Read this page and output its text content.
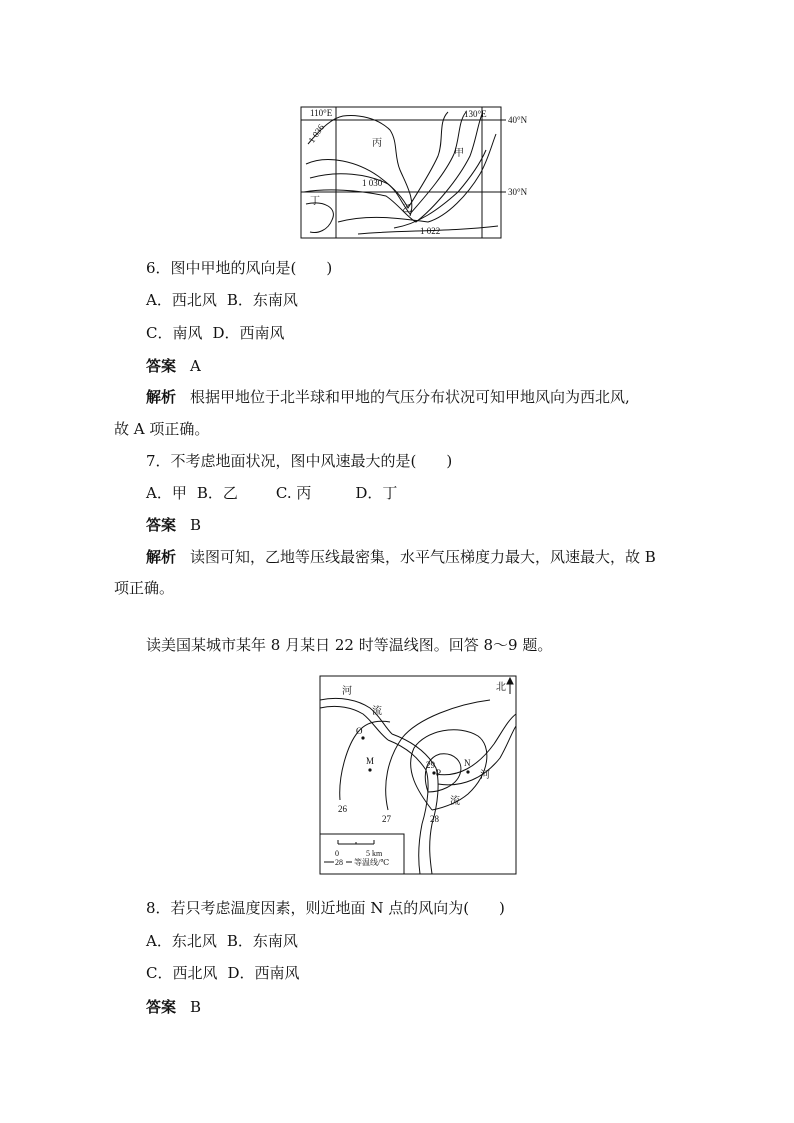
110°E	130°E
40°N
30°N
1 036
1 030
1 022
丙
甲
乙
丁
6．图中甲地的风向是(　　)
A．西北风 B．东南风
C．南风 D．西南风
答案 A
解析 根据甲地位于北半球和甲地的气压分布状况可知甲地风向为西北风,
故 A 项正确。
7．不考虑地面状况，图中风速最大的是(　　)
A．甲 B．乙	C. 丙	D．丁
答案 B
解析 读图可知，乙地等压线最密集，水平气压梯度力最大，风速最大，故 B
项正确。
读美国某城市某年 8 月某日 22 时等温线图。回答 8～9 题。
北
河
流
河
流
O
M
P
N
26
27	28
29
0	5 km
28 等温线/℃
8．若只考虑温度因素，则近地面 N 点的风向为(　　)
A．东北风 B．东南风
C．西北风 D．西南风
答案 B
